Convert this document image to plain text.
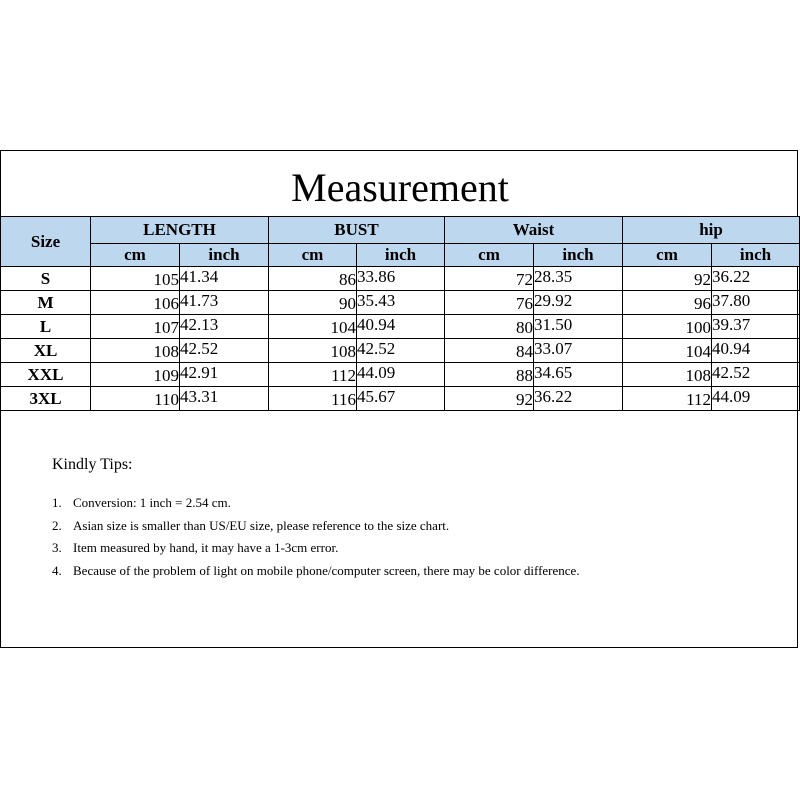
Measurement
Size	LENGTH		BUST		Waist		hip	
	cm	inch	cm	inch	cm	inch	cm	inch
S	105	41.34	86	33.86	72	28.35	92	36.22
M	106	41.73	90	35.43	76	29.92	96	37.80
L	107	42.13	104	40.94	80	31.50	100	39.37
XL	108	42.52	108	42.52	84	33.07	104	40.94
XXL	109	42.91	112	44.09	88	34.65	108	42.52
3XL	110	43.31	116	45.67	92	36.22	112	44.09
Kindly Tips:
1. Conversion: 1 inch = 2.54 cm.
2. Asian size is smaller than US/EU size, please reference to the size chart.
3. Item measured by hand, it may have a 1-3cm error.
4. Because of the problem of light on mobile phone/computer screen, there may be color difference.
